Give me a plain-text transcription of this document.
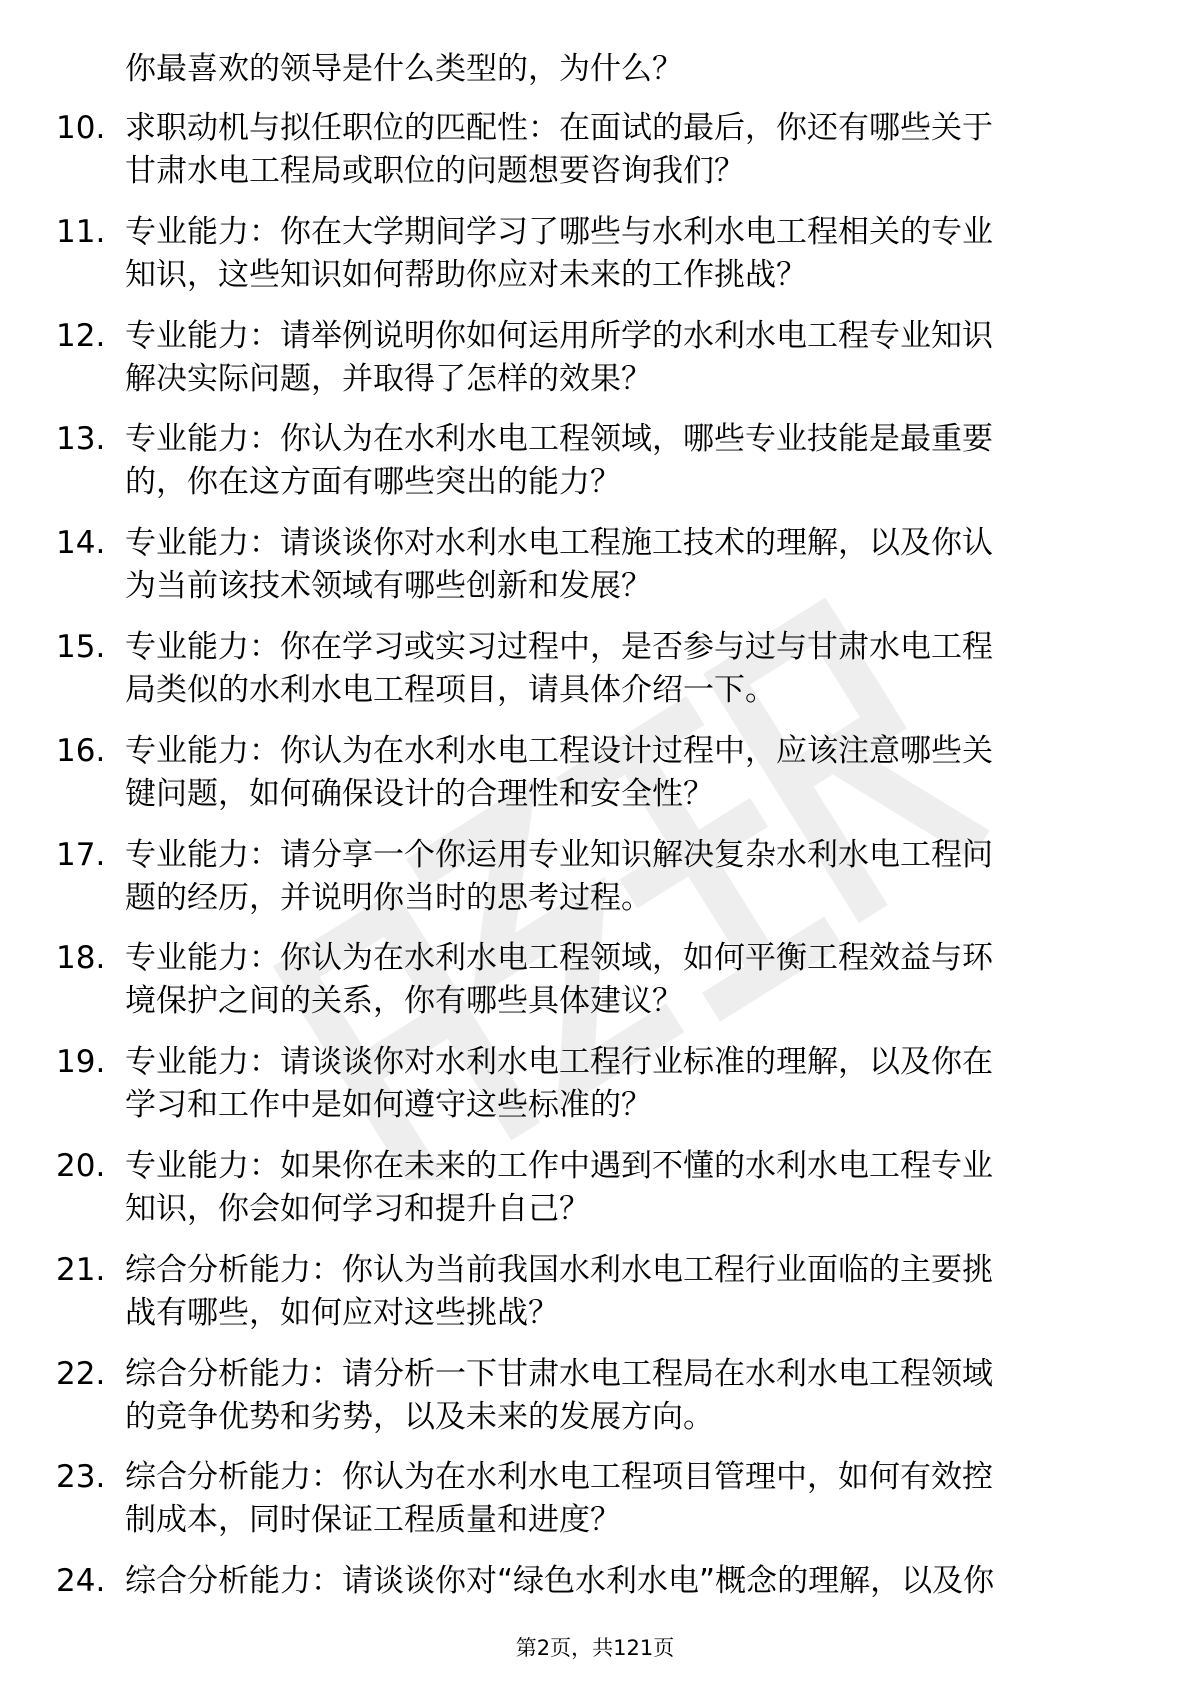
你最喜欢的领导是什么类型的，为什么？
10. 求职动机与拟任职位的匹配性：在面试的最后，你还有哪些关于
甘肃水电工程局或职位的问题想要咨询我们？
11. 专业能力：你在大学期间学习了哪些与水利水电工程相关的专业
知识，这些知识如何帮助你应对未来的工作挑战？
12. 专业能力：请举例说明你如何运用所学的水利水电工程专业知识
解决实际问题，并取得了怎样的效果？
13. 专业能力：你认为在水利水电工程领域，哪些专业技能是最重要
的，你在这方面有哪些突出的能力？
14. 专业能力：请谈谈你对水利水电工程施工技术的理解，以及你认
为当前该技术领域有哪些创新和发展？
15. 专业能力：你在学习或实习过程中，是否参与过与甘肃水电工程
局类似的水利水电工程项目，请具体介绍一下。
16. 专业能力：你认为在水利水电工程设计过程中，应该注意哪些关
键问题，如何确保设计的合理性和安全性？
17. 专业能力：请分享一个你运用专业知识解决复杂水利水电工程问
题的经历，并说明你当时的思考过程。
18. 专业能力：你认为在水利水电工程领域，如何平衡工程效益与环
境保护之间的关系，你有哪些具体建议？
19. 专业能力：请谈谈你对水利水电工程行业标准的理解，以及你在
学习和工作中是如何遵守这些标准的？
20. 专业能力：如果你在未来的工作中遇到不懂的水利水电工程专业
知识，你会如何学习和提升自己？
21. 综合分析能力：你认为当前我国水利水电工程行业面临的主要挑
战有哪些，如何应对这些挑战？
22. 综合分析能力：请分析一下甘肃水电工程局在水利水电工程领域
的竞争优势和劣势，以及未来的发展方向。
23. 综合分析能力：你认为在水利水电工程项目管理中，如何有效控
制成本，同时保证工程质量和进度？
24. 综合分析能力：请谈谈你对“绿色水利水电”概念的理解，以及你
第2页，共121页
